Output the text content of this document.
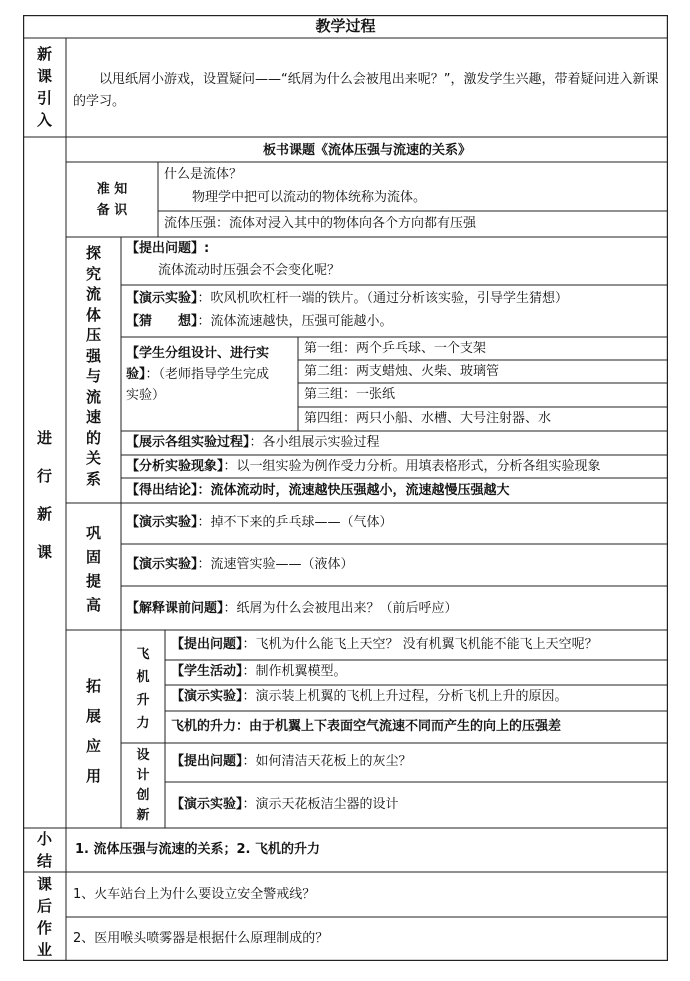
教学过程
新
课
引
入
以甩纸屑小游戏，设置疑问——“纸屑为什么会被甩出来呢？”，激发学生兴趣，带着疑问进入新课的学习。
进
行
新
课
板书课题《流体压强与流速的关系》
准 知
备 识
什么是流体？
物理学中把可以流动的物体统称为流体。
流体压强：流体对浸入其中的物体向各个方向都有压强
探
究
流
体
压
强
与
流
速
的
关
系
【提出问题】:
流体流动时压强会不会变化呢？
【演示实验】：吹风机吹杠杆一端的铁片。（通过分析该实验，引导学生猜想）
【猜　　想】：流体流速越快，压强可能越小。
【学生分组设计、进行实
验】：（老师指导学生完成
实验）
第一组：两个乒乓球、一个支架
第二组：两支蜡烛、火柴、玻璃管
第三组：一张纸
第四组：两只小船、水槽、大号注射器、水
【展示各组实验过程】：各小组展示实验过程
【分析实验现象】：以一组实验为例作受力分析。用填表格形式，分析各组实验现象
【得出结论】：流体流动时，流速越快压强越小，流速越慢压强越大
巩
固
提
高
【演示实验】：掉不下来的乒乓球——（气体）
【演示实验】：流速管实验——（液体）
【解释课前问题】：纸屑为什么会被甩出来？（前后呼应）
拓
展
应
用
飞
机
升
力
【提出问题】：飞机为什么能飞上天空？ 没有机翼飞机能不能飞上天空呢？
【学生活动】：制作机翼模型。
【演示实验】：演示装上机翼的飞机上升过程，分析飞机上升的原因。
飞机的升力：由于机翼上下表面空气流速不同而产生的向上的压强差
设
计
创
新
【提出问题】：如何清洁天花板上的灰尘？
【演示实验】：演示天花板洁尘器的设计
小
结
1. 流体压强与流速的关系；2. 飞机的升力
课
后
作
业
1、火车站台上为什么要设立安全警戒线？
2、医用喉头喷雾器是根据什么原理制成的？
